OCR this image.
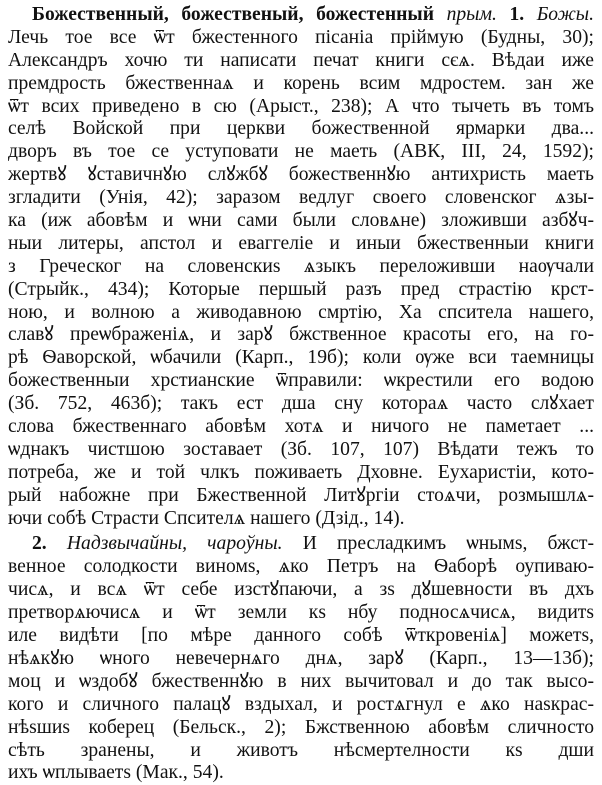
Божественный, божественый, божестенный прым. 1. Божы.
Лечь тое все ѿт бжестенного пісаніа пріймую (Будны, 30);
Александръ хочю ти написати печат книги сєѧ. Вѣдаи иже
премдрость бжественнаѧ и корень всим мдростем. зан же
ѿт всих приведено в сю (Арыст., 238); А что тычеть въ томъ
селѣ Войской при церкви божественной ярмарки два...
дворъ въ тое се уступовати не маеть (АВК, III, 24, 1592);
жертвꙋ ꙋставичнꙋю слꙋжбꙋ божественнꙋю антихристь маеть
згладити (Унія, 42); заразом ведлуг своего словенског ѧзы-
ка (иж абовѣм и ѡни сами были словѧне) зложивши азбꙋч-
ныи литеры, апстол и еваггеліе и иныи бжественныи книги
з Греческог на словенскиѕ ѧзыкъ переложивши наѹчали
(Стрыйк., 434); Которые першый разъ пред страстію крст-
ною, и волною а живодавною смртію, Ха спситела нашего,
славꙋ преѡбраженіѧ, и зарꙋ бжственное красоты его, на го-
рѣ Ѳаворской, ѡбачили (Карп., 19б); коли ѹже вси таемницы
божественныи хрстианские ѿправили: ѡкрестили его водою
(Зб. 752, 463б); такъ ест дша сну котораѧ часто слꙋхает
слова бжественнаго абовѣм хотѧ и ничого не паметает ...
ѡднакъ чистшою зоставает (Зб. 107, 107) Вѣдати тежъ то
потреба, же и той члкъ поживаеть Дховне. Еухаристіи, кото-
рый набожне при Бжественной Литꙋргіи стоѧчи, розмышлѧ-
ючи собѣ Страсти Спсителѧ нашего (Дзід., 14).
2. Надзвычайны, чароўны. И пресладкимъ ѡнымѕ, бжст-
венное солодкости виномѕ, ѧко Петръ на Ѳаборѣ оупиваю-
чисѧ, и всѧ ѿт себе изстꙋпаючи, а зѕ дꙋшевности въ дхъ
претворѧючисѧ и ѿт земли кѕ нбу подносѧчисѧ, видитѕ
иле видѣти [по мѣре данного собѣ ѿткровеніѧ] можетѕ,
нѣѧкꙋю ѡного невечернѧго днѧ, зарꙋ (Карп., 13—13б);
моц и ѡздобꙋ бжественнꙋю в них вычитовал и до так высо-
кого и сличного палацꙋ вздыхал, и ростѧгнул е ѧко наѕкрас-
нѣѕшиѕ коберец (Бельск., 2); Бжственною абовѣм сличносто
сѣть зранены, и животъ нѣсмертелности кѕ дши
ихъ ѡплываетѕ (Мак., 54).
